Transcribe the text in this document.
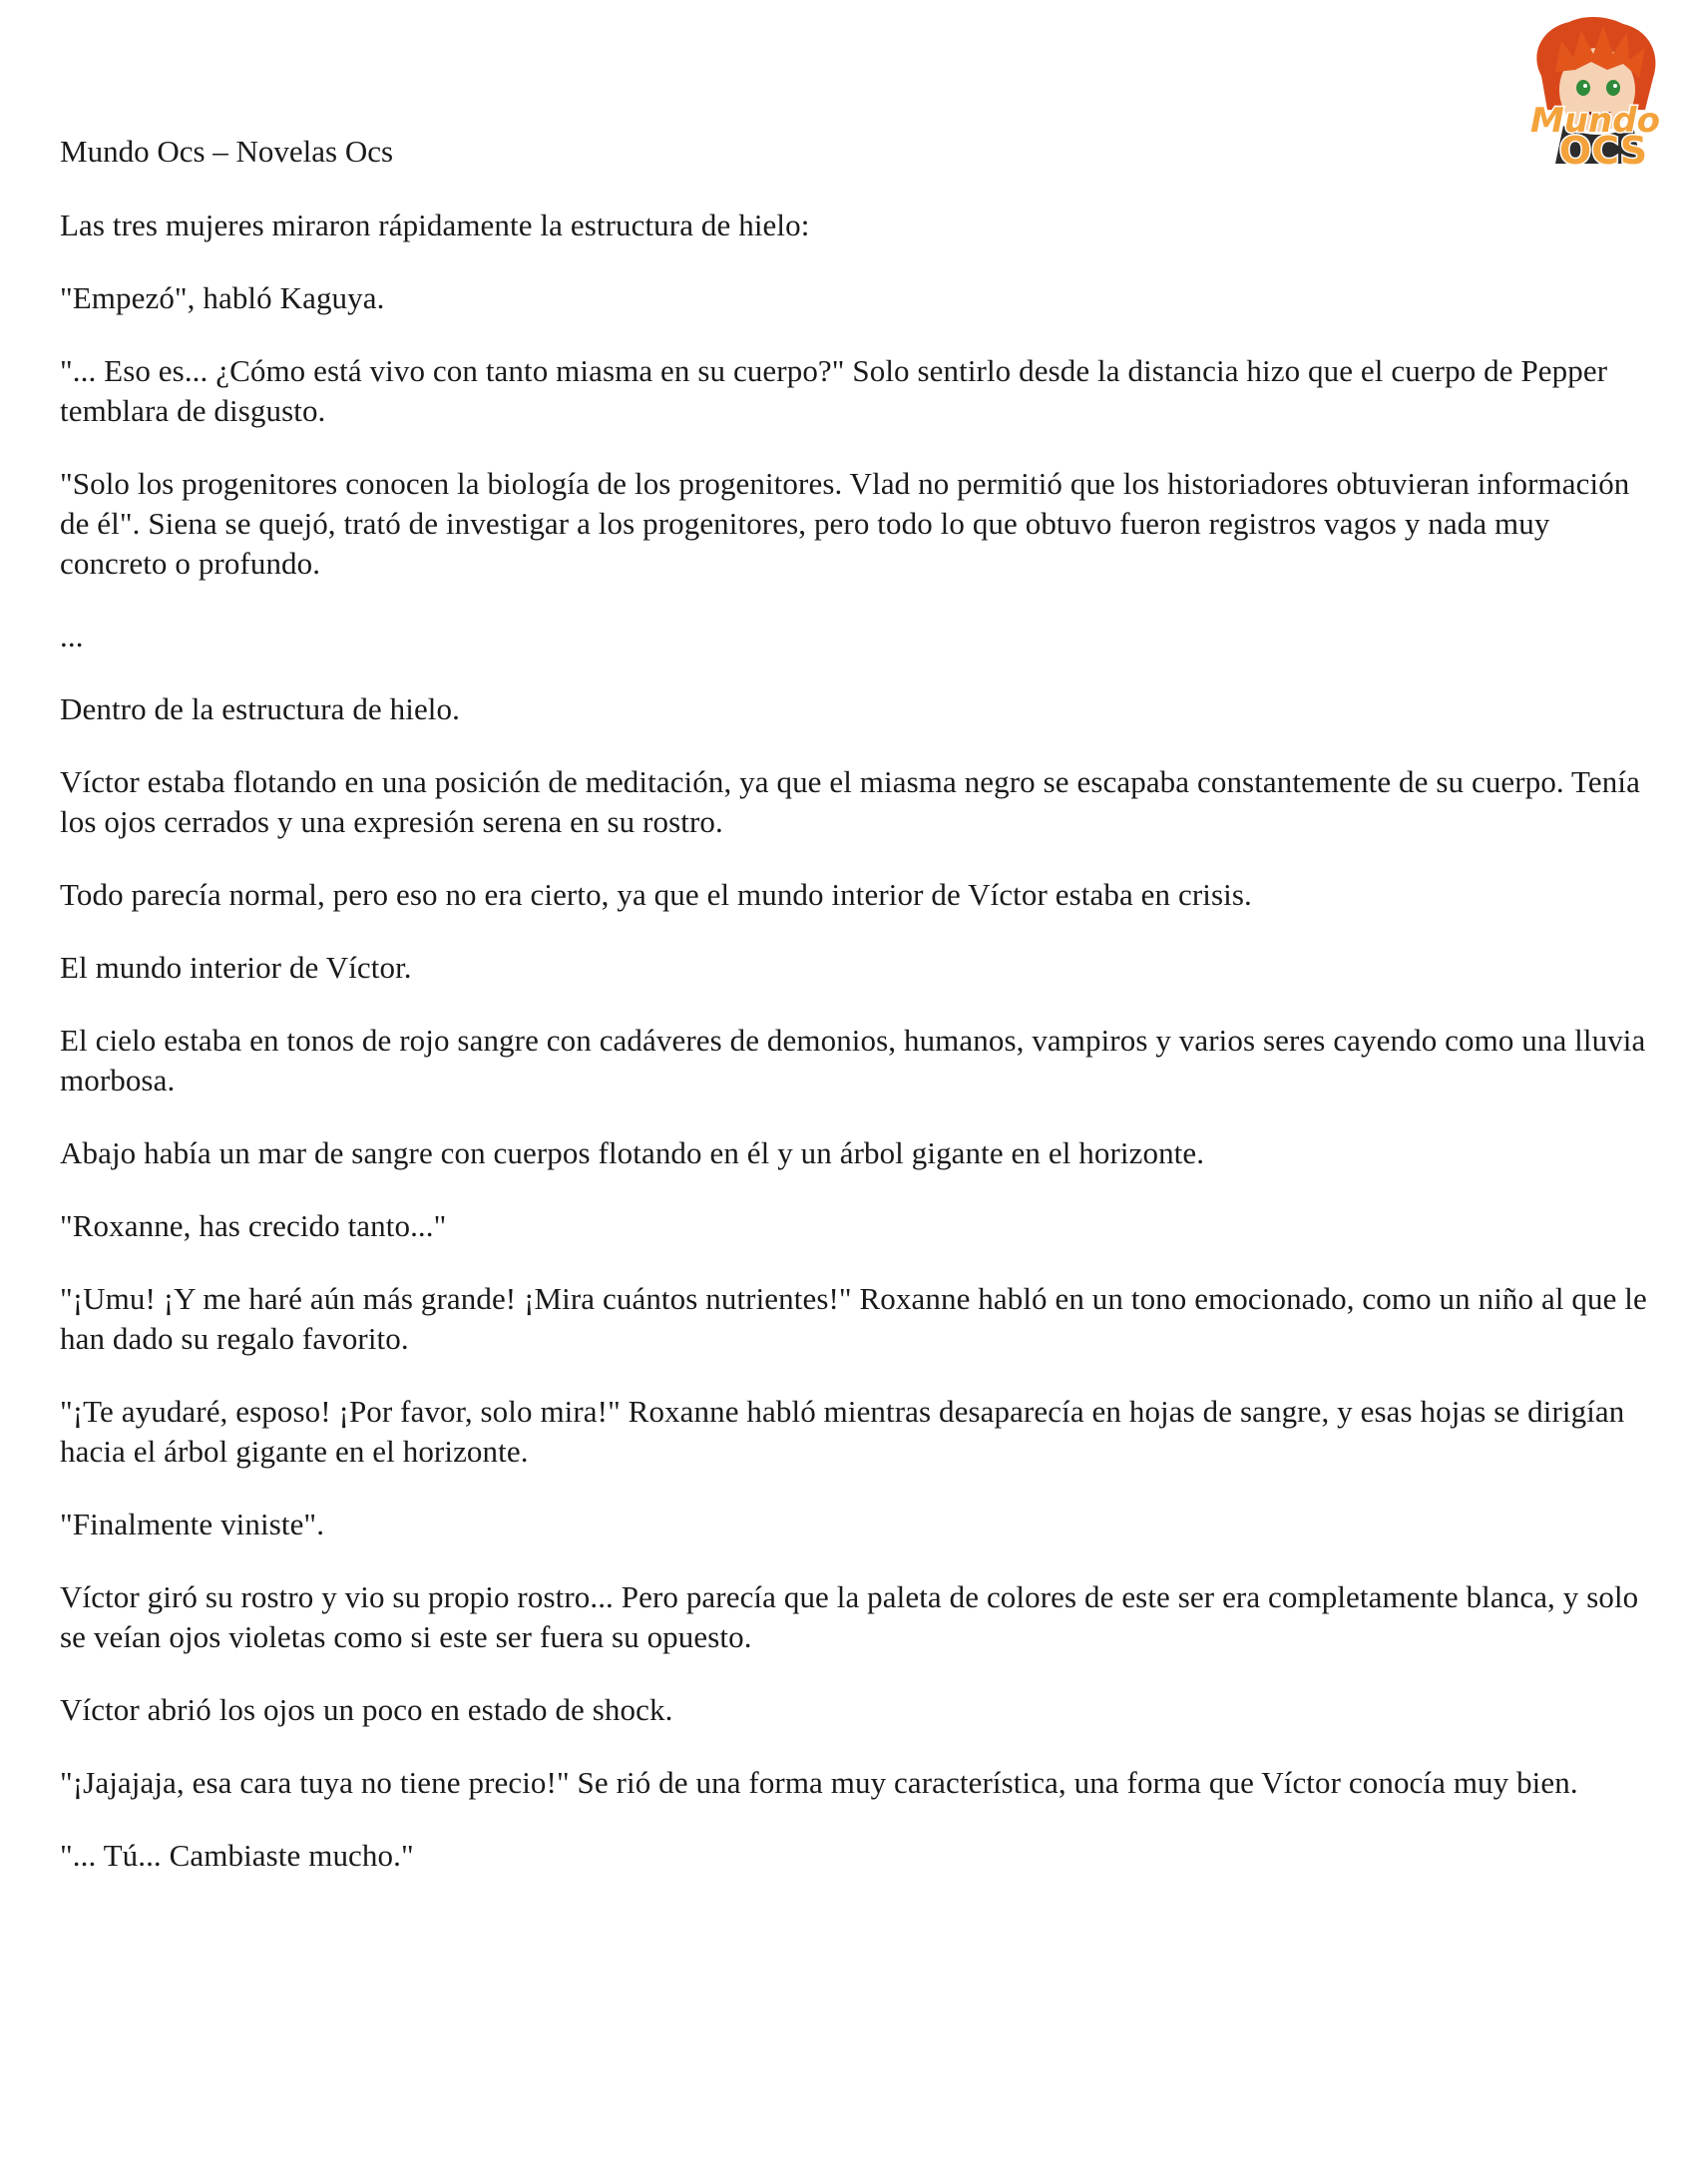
Mundo
OCS
Mundo Ocs – Novelas Ocs

Las tres mujeres miraron rápidamente la estructura de hielo:

"Empezó", habló Kaguya.

"... Eso es... ¿Cómo está vivo con tanto miasma en su cuerpo?" Solo sentirlo desde la distancia hizo que el cuerpo de Pepper temblara de disgusto.

"Solo los progenitores conocen la biología de los progenitores. Vlad no permitió que los historiadores obtuvieran información de él". Siena se quejó, trató de investigar a los progenitores, pero todo lo que obtuvo fueron registros vagos y nada muy concreto o profundo.

...

Dentro de la estructura de hielo.

Víctor estaba flotando en una posición de meditación, ya que el miasma negro se escapaba constantemente de su cuerpo. Tenía los ojos cerrados y una expresión serena en su rostro.

Todo parecía normal, pero eso no era cierto, ya que el mundo interior de Víctor estaba en crisis.

El mundo interior de Víctor.

El cielo estaba en tonos de rojo sangre con cadáveres de demonios, humanos, vampiros y varios seres cayendo como una lluvia morbosa.

Abajo había un mar de sangre con cuerpos flotando en él y un árbol gigante en el horizonte.

"Roxanne, has crecido tanto..."

"¡Umu! ¡Y me haré aún más grande! ¡Mira cuántos nutrientes!" Roxanne habló en un tono emocionado, como un niño al que le han dado su regalo favorito.

"¡Te ayudaré, esposo! ¡Por favor, solo mira!" Roxanne habló mientras desaparecía en hojas de sangre, y esas hojas se dirigían hacia el árbol gigante en el horizonte.

"Finalmente viniste".

Víctor giró su rostro y vio su propio rostro... Pero parecía que la paleta de colores de este ser era completamente blanca, y solo se veían ojos violetas como si este ser fuera su opuesto.

Víctor abrió los ojos un poco en estado de shock.

"¡Jajajaja, esa cara tuya no tiene precio!" Se rió de una forma muy característica, una forma que Víctor conocía muy bien.

"... Tú... Cambiaste mucho."
